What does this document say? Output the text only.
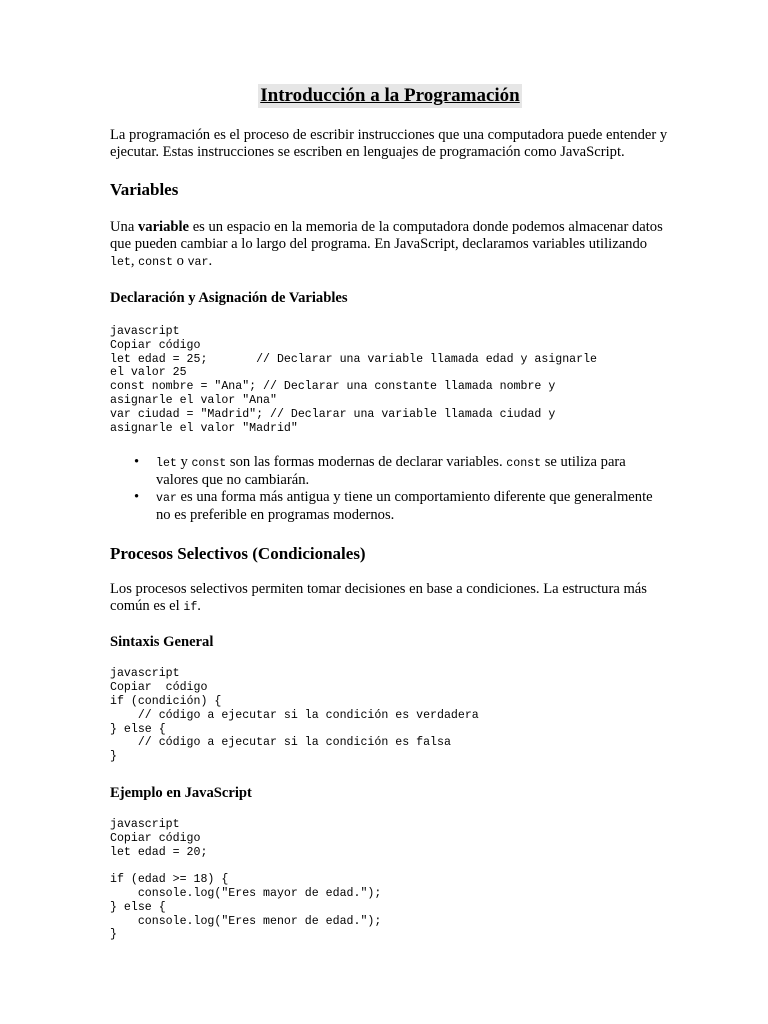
Introducción a la Programación

La programación es el proceso de escribir instrucciones que una computadora puede entender y ejecutar. Estas instrucciones se escriben en lenguajes de programación como JavaScript.

Variables

Una variable es un espacio en la memoria de la computadora donde podemos almacenar datos que pueden cambiar a lo largo del programa. En JavaScript, declaramos variables utilizando let, const o var.

Declaración y Asignación de Variables
javascript
Copiar código
let edad = 25;       // Declarar una variable llamada edad y asignarle
el valor 25
const nombre = "Ana"; // Declarar una constante llamada nombre y
asignarle el valor "Ana"
var ciudad = "Madrid"; // Declarar una variable llamada ciudad y
asignarle el valor "Madrid"
• let y const son las formas modernas de declarar variables. const se utiliza para valores que no cambiarán.
• var es una forma más antigua y tiene un comportamiento diferente que generalmente no es preferible en programas modernos.
Procesos Selectivos (Condicionales)

Los procesos selectivos permiten tomar decisiones en base a condiciones. La estructura más común es el if.

Sintaxis General
javascript
Copiar  código
if (condición) {
// código a ejecutar si la condición es verdadera
} else {
// código a ejecutar si la condición es falsa
}
Ejemplo en JavaScript
javascript
Copiar código
let edad = 20;

if (edad >= 18) {
console.log("Eres mayor de edad.");
} else {
console.log("Eres menor de edad.");
}
